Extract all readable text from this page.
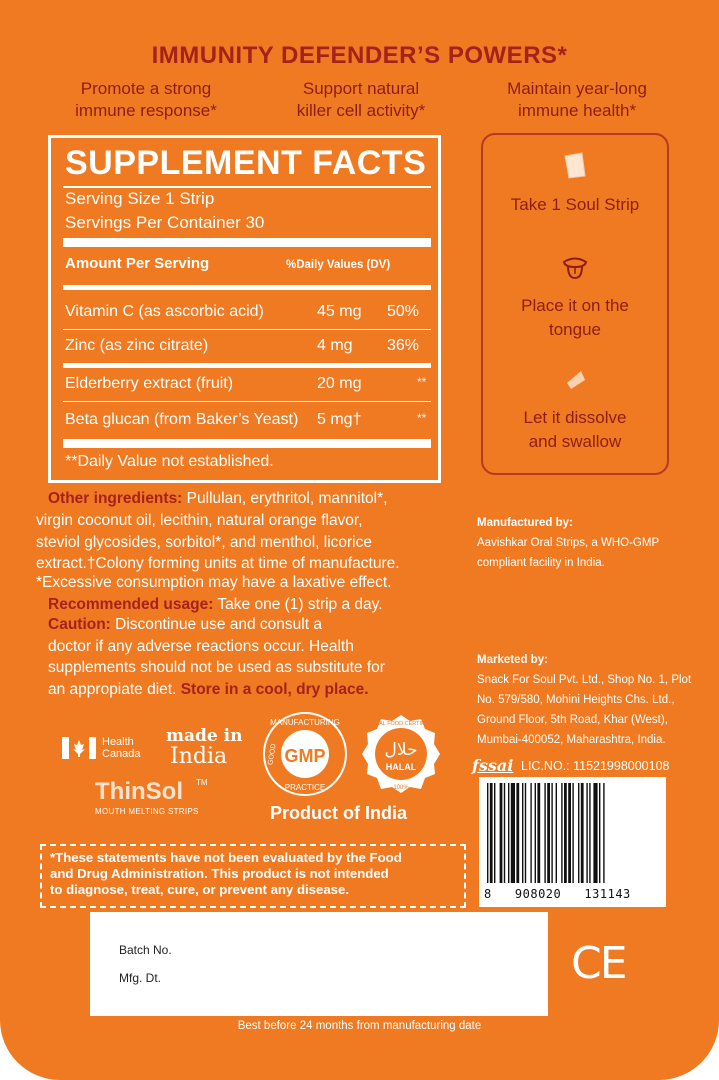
IMMUNITY DEFENDER’S POWERS*
Promote a strong
immune response*
Support natural
killer cell activity*
Maintain year-long
immune health*
SUPPLEMENT FACTS
Serving Size 1 Strip
Servings Per Container 30
Amount Per Serving	%Daily Values (DV)
Vitamin C (as ascorbic acid)	45 mg 50%
Zinc (as zinc citrate)	4 mg 36%
Elderberry extract (fruit)	20 mg	**
Beta glucan (from Baker’s Yeast) 5 mg†	**
**Daily Value not established.
Take 1 Soul Strip
Place it on the
tongue
Let it dissolve
and swallow
Other ingredients: Pullulan, erythritol, mannitol*,
virgin coconut oil, lecithin, natural orange flavor,
steviol glycosides, sorbitol*, and menthol, licorice
extract.†Colony forming units at time of manufacture.
*Excessive consumption may have a laxative effect.
Recommended usage: Take one (1) strip a day.
Caution: Discontinue use and consult a
doctor if any adverse reactions occur. Health
supplements should not be used as substitute for
an appropiate diet. Store in a cool, dry place.
Manufactured by:
Aavishkar Oral Strips, a WHO-GMP
compliant facility in India.
Marketed by:
Snack For Soul Pvt. Ltd., Shop No. 1, Plot
No. 579/580, Mohini Heights Chs. Ltd.,
Ground Floor, 5th Road, Khar (West),
Mumbai-400052, Maharashtra, India.
fssai LIC.NO.: 11521998000108
Health
Canada
made in
India
ThinSol TM
MOUTH MELTING STRIPS
GMP
MANUFACTURING
GOOD
PRACTICE
حلال
HALAL
HALAL FOOD CERTIFIED
100%
Product of India
*These statements have not been evaluated by the Food
and Drug Administration. This product is not intended
to diagnose, treat, cure, or prevent any disease.	8   908020   131143
Batch No.
Mfg. Dt.	CE
Best before 24 months from manufacturing date
